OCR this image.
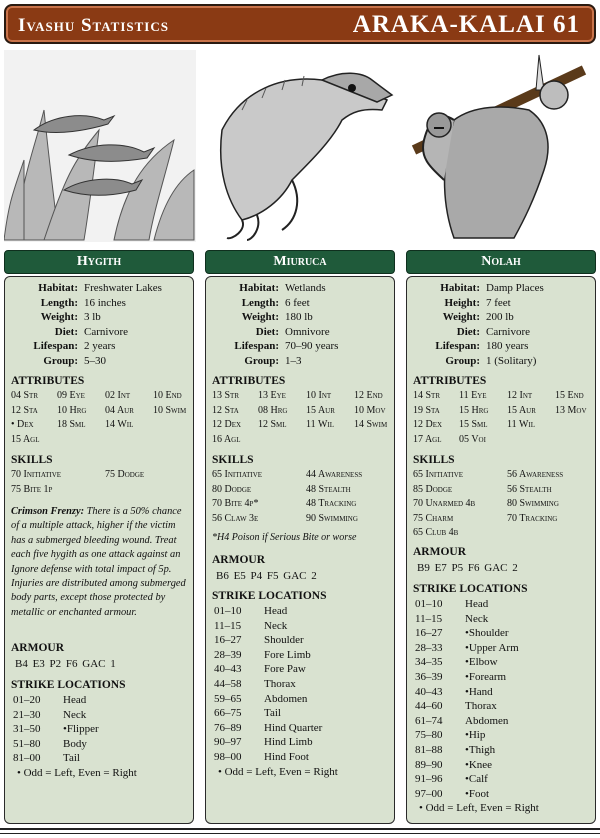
Ivashu Statistics	ARAKA-KALAI 61
Hygith	Miuruca	Nolah
Habitat: Freshwater Lakes
Length: 16 inches
Weight: 3 lb
Diet: Carnivore
Lifespan: 2 years
Group: 5–30
ATTRIBUTES
04 Str	09 Eye	02 Int	10 End
12 Sta	10 Hrg	04 Aur	10 Swim
• Dex	18 Sml	14 Wil
15 Agl
SKILLS
70 Initiative	75 Dodge
75 Bite 1p
Crimson Frenzy: There is a 50% chance of a multiple attack, higher if the victim has a submerged bleeding wound. Treat each five hygith as one attack against an Ignore defense with total impact of 5p. Injuries are distributed among submerged body parts, except those protected by metallic or enchanted armour.
ARMOUR
B4 E3 P2 F6 GAC 1
STRIKE LOCATIONS
01–20	Head
21–30	Neck
31–50	•Flipper
51–80	Body
81–00	Tail
• Odd = Left, Even = Right
Habitat: Wetlands
Length: 6 feet
Weight: 180 lb
Diet: Omnivore
Lifespan: 70–90 years
Group: 1–3
ATTRIBUTES
13 Str	13 Eye	10 Int	12 End
12 Sta	08 Hrg	15 Aur	10 Mov
12 Dex	12 Sml	11 Wil	14 Swim
16 Agl
SKILLS
65 Initiative	44 Awareness
80 Dodge	48 Stealth
70 Bite 4p*	48 Tracking
56 Claw 3e	90 Swimming
*H4 Poison if Serious Bite or worse
ARMOUR
B6 E5 P4 F5 GAC 2
STRIKE LOCATIONS
01–10	Head
11–15	Neck
16–27	Shoulder
28–39	Fore Limb
40–43	Fore Paw
44–58	Thorax
59–65	Abdomen
66–75	Tail
76–89	Hind Quarter
90–97	Hind Limb
98–00	Hind Foot
• Odd = Left, Even = Right
Habitat: Damp Places
Height: 7 feet
Weight: 200 lb
Diet: Carnivore
Lifespan: 180 years
Group: 1 (Solitary)
ATTRIBUTES
14 Str	11 Eye	12 Int	15 End
19 Sta	15 Hrg	15 Aur	13 Mov
12 Dex	15 Sml	11 Wil
17 Agl	05 Voi
SKILLS
65 Initiative	56 Awareness
85 Dodge	56 Stealth
70 Unarmed 4b	80 Swimming
75 Charm	70 Tracking
65 Club 4b
ARMOUR
B9 E7 P5 F6 GAC 2
STRIKE LOCATIONS
01–10	Head
11–15	Neck
16–27	•Shoulder
28–33	•Upper Arm
34–35	•Elbow
36–39	•Forearm
40–43	•Hand
44–60	Thorax
61–74	Abdomen
75–80	•Hip
81–88	•Thigh
89–90	•Knee
91–96	•Calf
97–00	•Foot
• Odd = Left, Even = Right
